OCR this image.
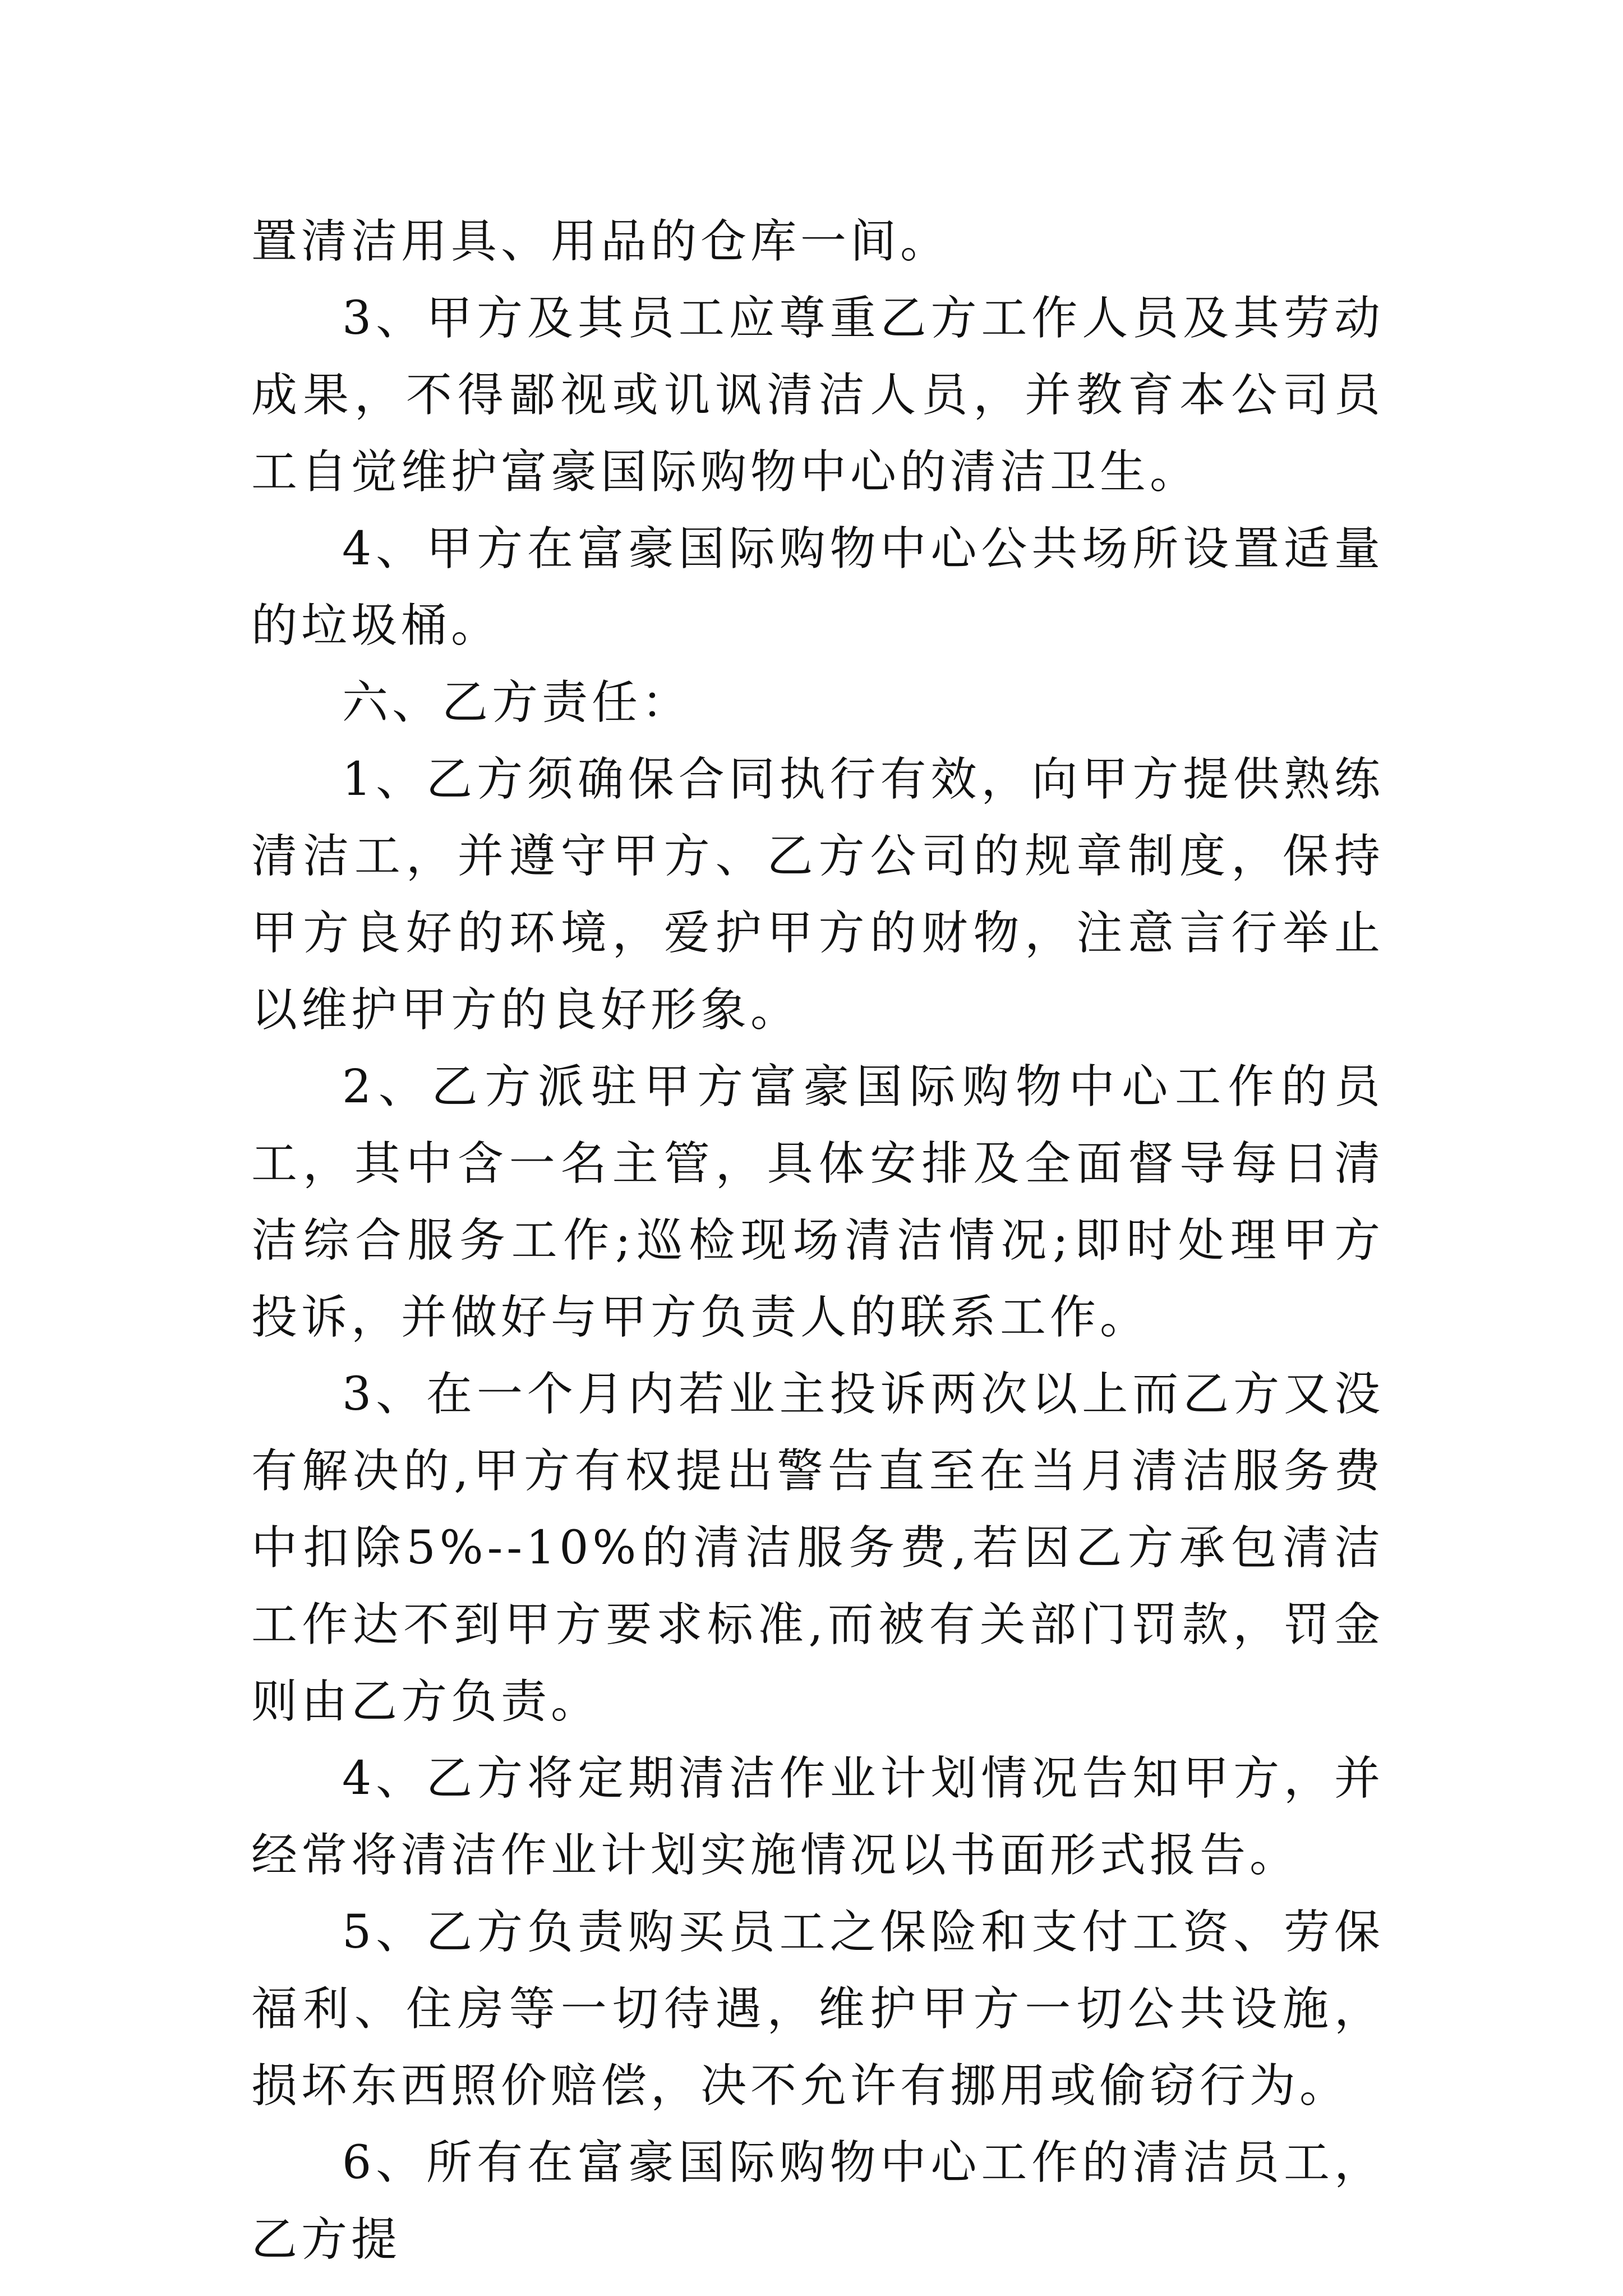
置清洁用具、用品的仓库一间。

3、甲方及其员工应尊重乙方工作人员及其劳动成果，不得鄙视或讥讽清洁人员，并教育本公司员工自觉维护富豪国际购物中心的清洁卫生。

4、甲方在富豪国际购物中心公共场所设置适量的垃圾桶。

六、乙方责任：

1、乙方须确保合同执行有效，向甲方提供熟练清洁工，并遵守甲方、乙方公司的规章制度，保持甲方良好的环境，爱护甲方的财物，注意言行举止以维护甲方的良好形象。

2、乙方派驻甲方富豪国际购物中心工作的员工，其中含一名主管，具体安排及全面督导每日清洁综合服务工作;巡检现场清洁情况;即时处理甲方投诉，并做好与甲方负责人的联系工作。

3、在一个月内若业主投诉两次以上而乙方又没有解决的,甲方有权提出警告直至在当月清洁服务费中扣除5%--10%的清洁服务费,若因乙方承包清洁工作达不到甲方要求标准,而被有关部门罚款，罚金则由乙方负责。

4、乙方将定期清洁作业计划情况告知甲方，并经常将清洁作业计划实施情况以书面形式报告。

5、乙方负责购买员工之保险和支付工资、劳保福利、住房等一切待遇，维护甲方一切公共设施，损坏东西照价赔偿，决不允许有挪用或偷窃行为。

6、所有在富豪国际购物中心工作的清洁员工，乙方提
